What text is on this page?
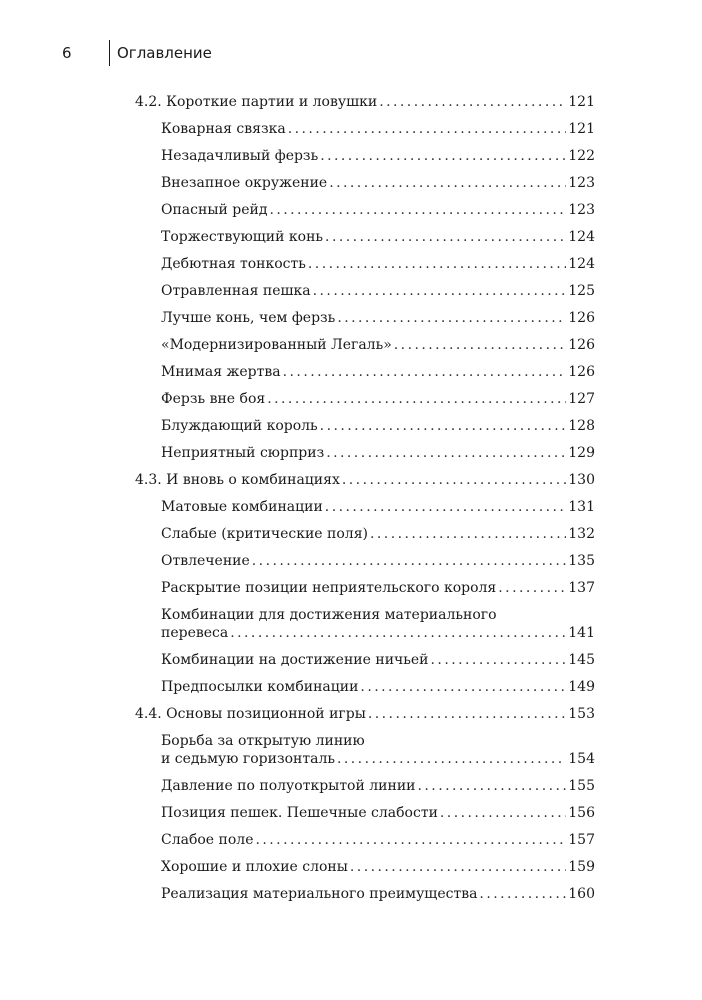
6	Оглавление
4.2. Короткие партии и ловушки . . .	121
Коварная связка . . .	121
Незадачливый ферзь . . .	122
Внезапное окружение . . .	123
Опасный рейд . . .	123
Торжествующий конь . . .	124
Дебютная тонкость . . .	124
Отравленная пешка . . .	125
Лучше конь, чем ферзь . . .	126
«Модернизированный Легаль» . . .	126
Мнимая жертва . . .	126
Ферзь вне боя . . .	127
Блуждающий король . . .	128
Неприятный сюрприз . . .	129
4.3. И вновь о комбинациях . . .	130
Матовые комбинации . . .	131
Слабые (критические поля) . . .	132
Отвлечение . . .	135
Раскрытие позиции неприятельского короля . . .	137
Комбинации для достижения материального
перевеса . . .	141
Комбинации на достижение ничьей . . .	145
Предпосылки комбинации . . .	149
4.4. Основы позиционной игры . . .	153
Борьба за открытую линию
и седьмую горизонталь . . .	154
Давление по полуоткрытой линии . . .	155
Позиция пешек. Пешечные слабости . . .	156
Слабое поле . . .	157
Хорошие и плохие слоны . . .	159
Реализация материального преимущества . . .	160
